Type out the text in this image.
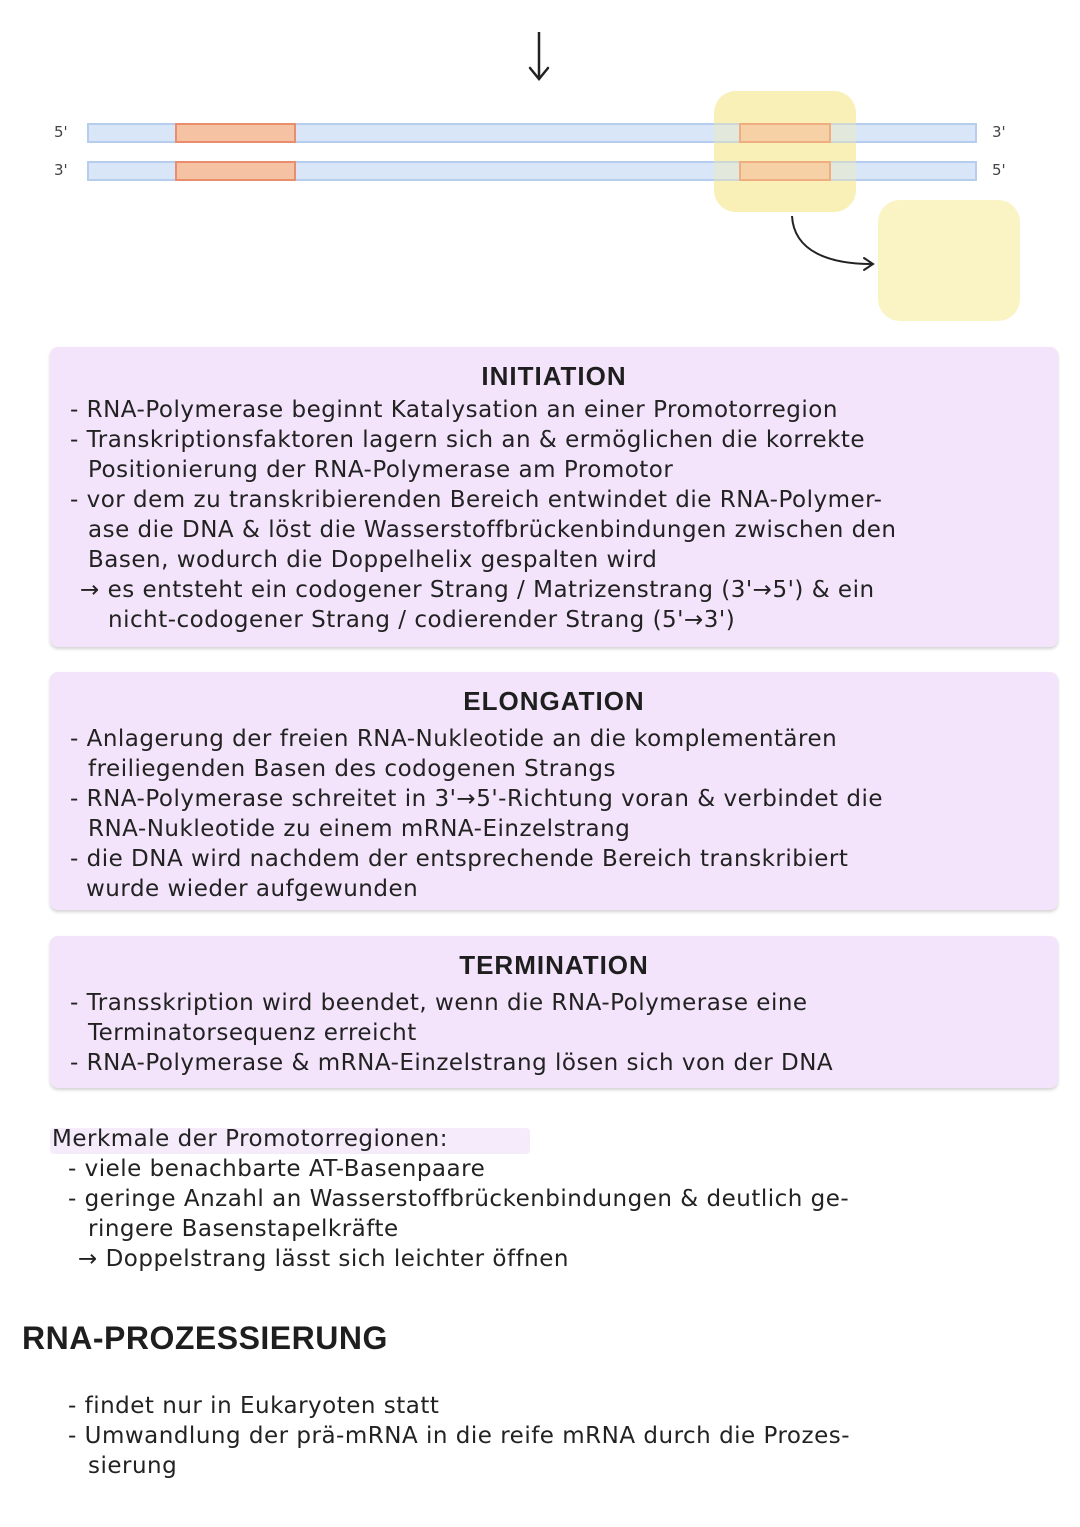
5'
3'
3'
5'
INITIATION
- RNA-Polymerase beginnt Katalysation an einer Promotorregion
- Transkriptionsfaktoren lagern sich an & ermöglichen die korrekte
Positionierung der RNA-Polymerase am Promotor
- vor dem zu transkribierenden Bereich entwindet die RNA-Polymer-
ase die DNA & löst die Wasserstoffbrückenbindungen zwischen den
Basen, wodurch die Doppelhelix gespalten wird
→ es entsteht ein codogener Strang / Matrizenstrang (3'→5') & ein
nicht-codogener Strang / codierender Strang (5'→3')
ELONGATION
- Anlagerung der freien RNA-Nukleotide an die komplementären
freiliegenden Basen des codogenen Strangs
- RNA-Polymerase schreitet in 3'→5'-Richtung voran & verbindet die
RNA-Nukleotide zu einem mRNA-Einzelstrang
- die DNA wird nachdem der entsprechende Bereich transkribiert
wurde wieder aufgewunden
TERMINATION
- Transskription wird beendet, wenn die RNA-Polymerase eine
Terminatorsequenz erreicht
- RNA-Polymerase & mRNA-Einzelstrang lösen sich von der DNA
Merkmale der Promotorregionen:
- viele benachbarte AT-Basenpaare
- geringe Anzahl an Wasserstoffbrückenbindungen & deutlich ge-
ringere Basenstapelkräfte
→ Doppelstrang lässt sich leichter öffnen
RNA-PROZESSIERUNG
- findet nur in Eukaryoten statt
- Umwandlung der prä-mRNA in die reife mRNA durch die Prozes-
sierung
